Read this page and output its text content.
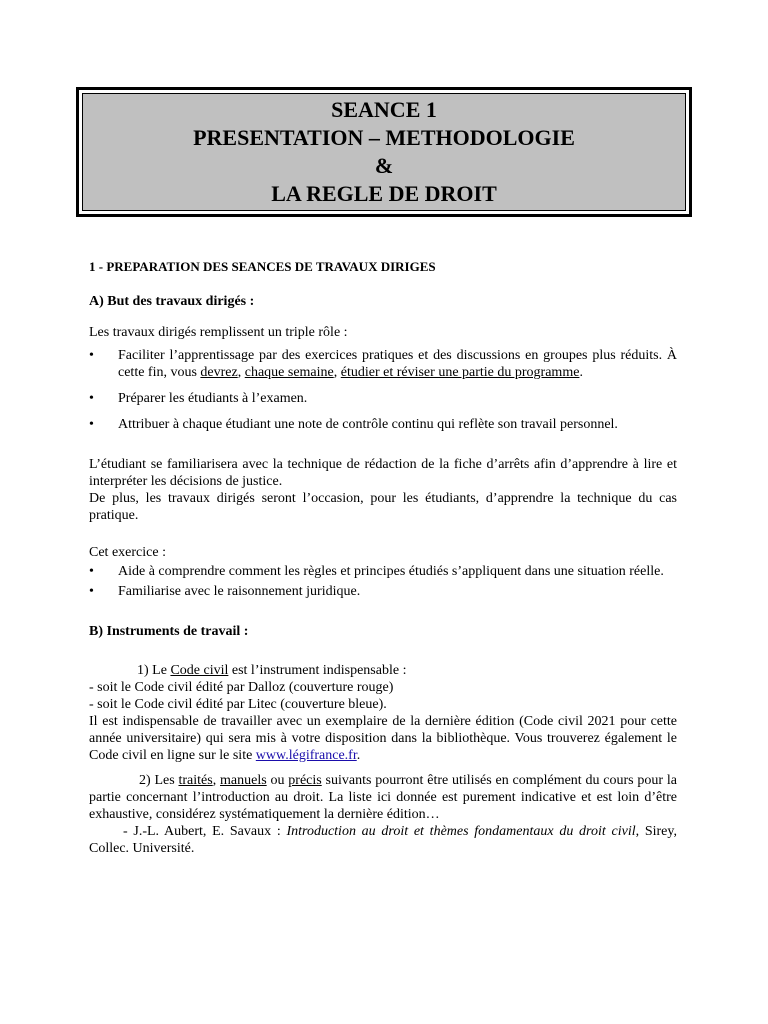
SEANCE 1
PRESENTATION – METHODOLOGIE
&
LA REGLE DE DROIT
1 - PREPARATION DES SEANCES DE TRAVAUX DIRIGES
A) But des travaux dirigés :

Les travaux dirigés remplissent un triple rôle :

• Faciliter l’apprentissage par des exercices pratiques et des discussions en groupes plus réduits. À cette fin, vous devrez, chaque semaine, étudier et réviser une partie du programme.
• Préparer les étudiants à l’examen.
• Attribuer à chaque étudiant une note de contrôle continu qui reflète son travail personnel.

L’étudiant se familiarisera avec la technique de rédaction de la fiche d’arrêts afin d’apprendre à lire et interpréter les décisions de justice.

De plus, les travaux dirigés seront l’occasion, pour les étudiants, d’apprendre la technique du cas pratique.

Cet exercice :

• Aide à comprendre comment les règles et principes étudiés s’appliquent dans une situation réelle.
• Familiarise avec le raisonnement juridique.
B) Instruments de travail :

1) Le Code civil est l’instrument indispensable :

- soit le Code civil édité par Dalloz (couverture rouge)

- soit le Code civil édité par Litec (couverture bleue).

Il est indispensable de travailler avec un exemplaire de la dernière édition (Code civil 2021 pour cette année universitaire) qui sera mis à votre disposition dans la bibliothèque. Vous trouverez également le Code civil en ligne sur le site www.légifrance.fr.

2) Les traités, manuels ou précis suivants pourront être utilisés en complément du cours pour la partie concernant l’introduction au droit. La liste ici donnée est purement indicative et est loin d’être exhaustive, considérez systématiquement la dernière édition…

- J.-L. Aubert, E. Savaux : Introduction au droit et thèmes fondamentaux du droit civil, Sirey, Collec. Université.
